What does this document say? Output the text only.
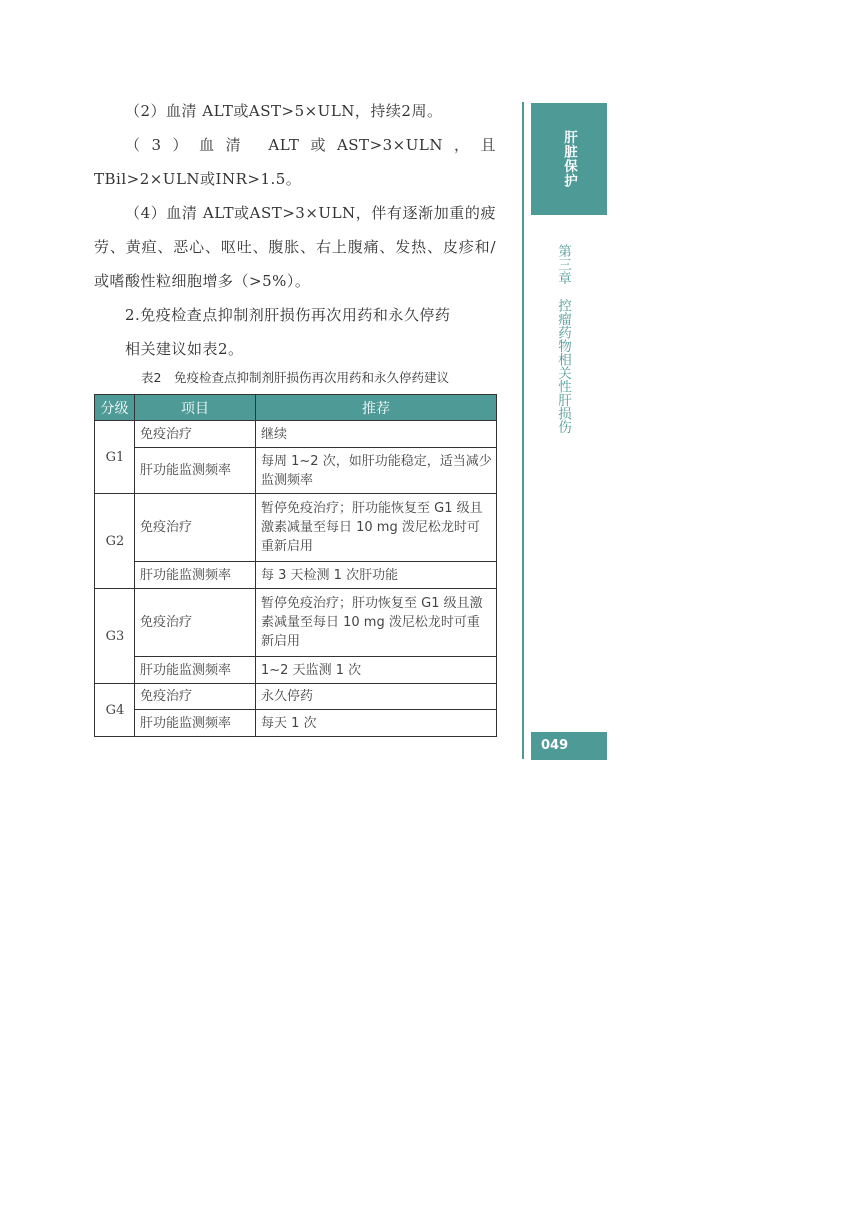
（2）血清 ALT或AST>5×ULN，持续2周。

（3）血清 ALT或AST>3×ULN，且 TBil>2×ULN或INR>1.5。

（4）血清 ALT或AST>3×ULN，伴有逐渐加重的疲劳、黄疸、恶心、呕吐、腹胀、右上腹痛、发热、皮疹和/或嗜酸性粒细胞增多（>5%）。

2.免疫检查点抑制剂肝损伤再次用药和永久停药

相关建议如表2。

表2　免疫检查点抑制剂肝损伤再次用药和永久停药建议
分级	项目	推荐
G1	免疫治疗	继续
	肝功能监测频率	每周 1~2 次，如肝功能稳定，适当减少监测频率
G2	免疫治疗	暂停免疫治疗；肝功能恢复至 G1 级且激素减量至每日 10 mg 泼尼松龙时可重新启用
	肝功能监测频率	每 3 天检测 1 次肝功能
G3	免疫治疗	暂停免疫治疗；肝功恢复至 G1 级且激素减量至每日 10 mg 泼尼松龙时可重新启用
	肝功能监测频率	1~2 天监测 1 次
G4	免疫治疗	永久停药
	肝功能监测频率	每天 1 次
肝脏保护
第三章控瘤药物相关性肝损伤
049
